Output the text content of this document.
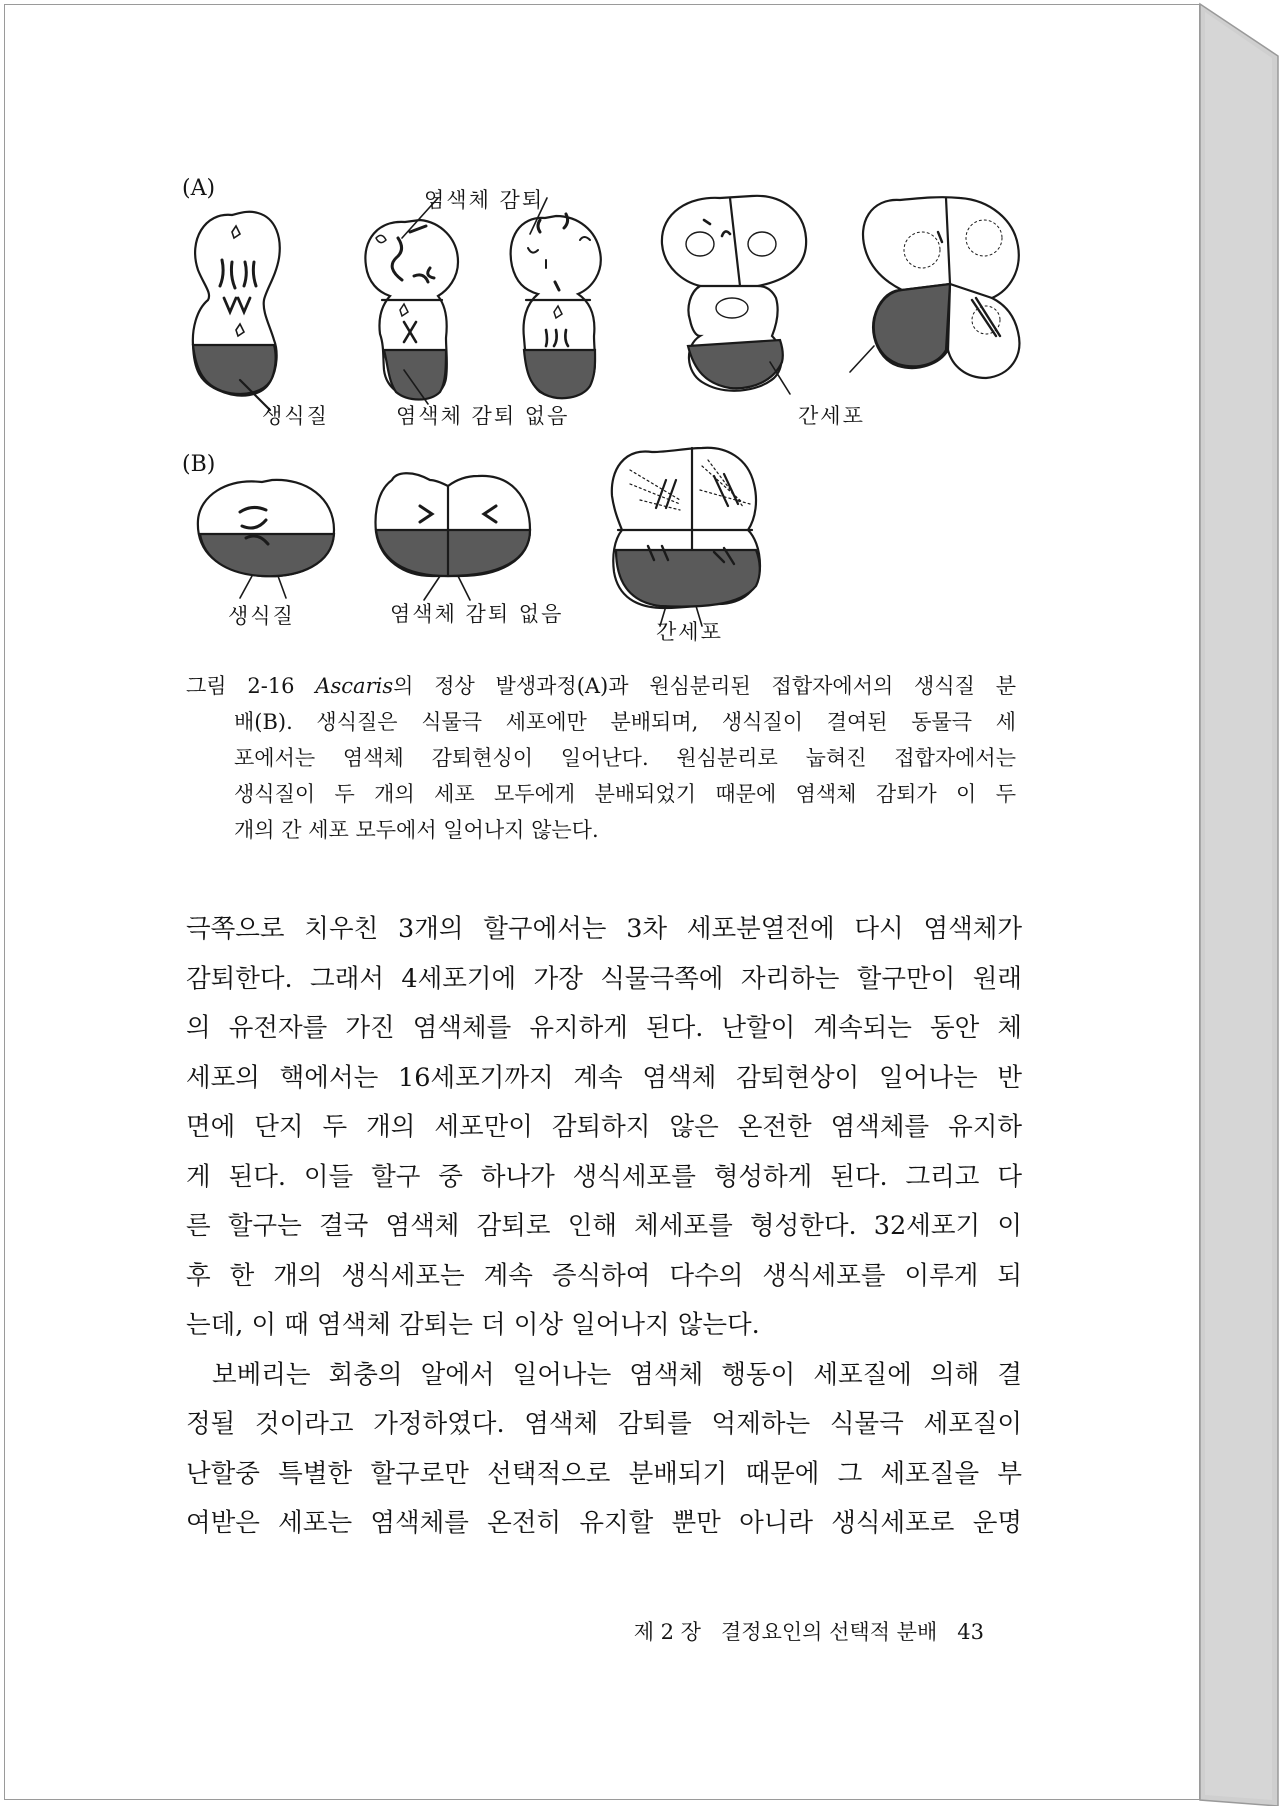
(A)	염색체 감퇴
생식질	염색체 감퇴 없음	간세포
(B)
생식질	염색체 감퇴 없음
간세포
그림 2-16 Ascaris의 정상 발생과정(A)과 원심분리된 접합자에서의 생식질 분
배(B). 생식질은 식물극 세포에만 분배되며, 생식질이 결여된 동물극 세
포에서는 염색체 감퇴현싱이 일어난다. 원심분리로 눕혀진 접합자에서는
생식질이 두 개의 세포 모두에게 분배되었기 때문에 염색체 감퇴가 이 두
개의 간 세포 모두에서 일어나지 않는다.
극쪽으로 치우친 3개의 할구에서는 3차 세포분열전에 다시 염색체가
감퇴한다. 그래서 4세포기에 가장 식물극쪽에 자리하는 할구만이 원래
의 유전자를 가진 염색체를 유지하게 된다. 난할이 계속되는 동안 체
세포의 핵에서는 16세포기까지 계속 염색체 감퇴현상이 일어나는 반
면에 단지 두 개의 세포만이 감퇴하지 않은 온전한 염색체를 유지하
게 된다. 이들 할구 중 하나가 생식세포를 형성하게 된다. 그리고 다
른 할구는 결국 염색체 감퇴로 인해 체세포를 형성한다. 32세포기 이
후 한 개의 생식세포는 계속 증식하여 다수의 생식세포를 이루게 되
는데, 이 때 염색체 감퇴는 더 이상 일어나지 않는다.
보베리는 회충의 알에서 일어나는 염색체 행동이 세포질에 의해 결
정될 것이라고 가정하였다. 염색체 감퇴를 억제하는 식물극 세포질이
난할중 특별한 할구로만 선택적으로 분배되기 때문에 그 세포질을 부
여받은 세포는 염색체를 온전히 유지할 뿐만 아니라 생식세포로 운명
제 2 장 결정요인의 선택적 분배 43
